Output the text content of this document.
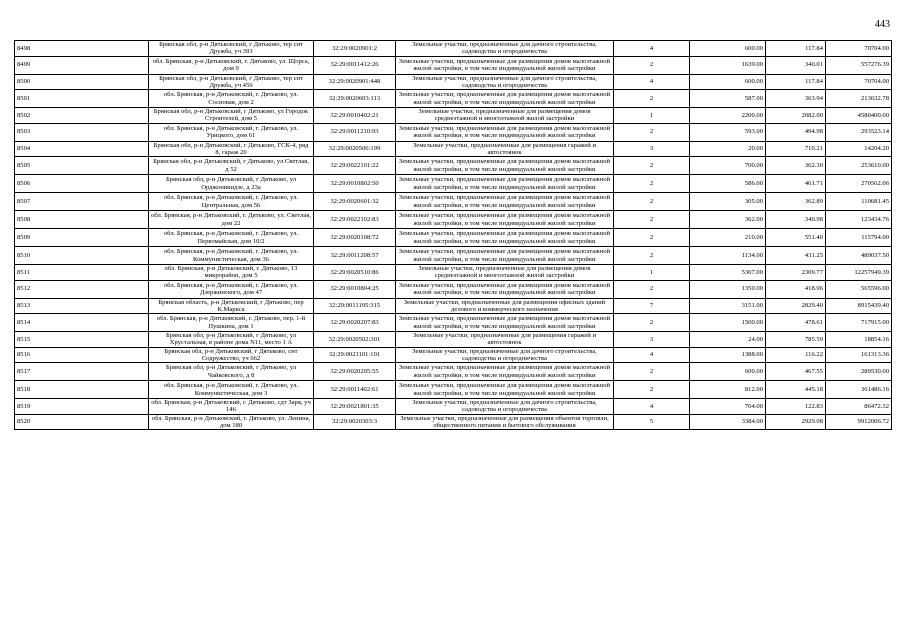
443
8498	Брянская обл, р-н Дятьковский, г Дятьково, тер снт Дружба, уч 393	32:29:0020901:2	Земельные участки, предназначенные для дачного строительства, садоводства и огородничества	4	600.00	117.84	70704.00
8499	обл. Брянская, р-н Дятьковский, г. Дятьково, ул. Щорса, дом 9	32:29:0011412:26	Земельные участки, предназначенные для размещения домов малоэтажной жилой застройки, в том числе индивидуальной жилой застройки	2	1639.00	340.01	557276.39
8500	Брянская обл, р-н Дятьковский, г Дятьково, тер снт Дружба, уч 459	32:29:0020901:448	Земельные участки, предназначенные для дачного строительства, садоводства и огородничества	4	600.00	117.84	70704.00
8501	обл. Брянская, р-н Дятьковский, г. Дятьково, ул. Сосновая, дом 2	32:29:0020603:113	Земельные участки, предназначенные для размещения домов малоэтажной жилой застройки, в том числе индивидуальной жилой застройки	2	587.00	363.94	213632.78
8502	Брянская обл, р-н Дятьковский, г Дятьково, ул Городок Строителей, дом 5	32:29:0010402:21	Земельные участки, предназначенные для размещения домов среднеэтажной и многоэтажной жилой застройки	1	2200.00	2082.00	4580400.00
8503	обл. Брянская, р-н Дятьковский, г. Дятьково, ул. Урицкого, дом 61	32:29:0011210:93	Земельные участки, предназначенные для размещения домов малоэтажной жилой застройки, в том числе индивидуальной жилой застройки	2	593.00	494.98	293523.14
8504	Брянская обл, р-н Дятьковский, г Дятьково, ГСК-4, ряд 8, гараж 20	32:29:0020506:199	Земельные участки, предназначенные для размещения гаражей и автостоянок	3	20.00	710.21	14204.20
8505	Брянская обл, р-н Дятьковский, г Дятьково, ул Светлая, д 52	32:29:0022101:22	Земельные участки, предназначенные для размещения домов малоэтажной жилой застройки, в том числе индивидуальной жилой застройки	2	700.00	362.30	253610.00
8506	Брянская обл, р-н Дятьковский, г Дятьково, ул Орджоникидзе, д 23а	32:29:0010802:50	Земельные участки, предназначенные для размещения домов малоэтажной жилой застройки, в том числе индивидуальной жилой застройки	2	586.00	461.71	270562.06
8507	обл. Брянская, р-н Дятьковский, г. Дятьково, ул. Центральная, дом 56	32:29:0020601:32	Земельные участки, предназначенные для размещения домов малоэтажной жилой застройки, в том числе индивидуальной жилой застройки	2	305.00	362.89	110681.45
8508	обл. Брянская, р-н Дятьковский, г. Дятьково, ул. Светлая, дом 22	32:29:0022102:83	Земельные участки, предназначенные для размещения домов малоэтажной жилой застройки, в том числе индивидуальной жилой застройки	2	362.00	340.98	123434.76
8509	обл. Брянская, р-н Дятьковский, г. Дятьково, ул. Первомайская, дом 10/2	32:29:0020108:72	Земельные участки, предназначенные для размещения домов малоэтажной жилой застройки, в том числе индивидуальной жилой застройки	2	210.00	551.40	115794.00
8510	обл. Брянская, р-н Дятьковский, г. Дятьково, ул. Коммунистическая, дом 36	32:29:0011208:57	Земельные участки, предназначенные для размещения домов малоэтажной жилой застройки, в том числе индивидуальной жилой застройки	2	1134.00	431.25	489037.50
8511	обл. Брянская, р-н Дятьковский, г. Дятьково, 13 микрорайон, дом 5	32:29:0020510:86	Земельные участки, предназначенные для размещения домов среднеэтажной и многоэтажной жилой застройки	1	5307.00	2309.77	12257949.39
8512	обл. Брянская, р-н Дятьковский, г. Дятьково, ул. Дзержинского, дом 47	32:29:0010804:25	Земельные участки, предназначенные для размещения домов малоэтажной жилой застройки, в том числе индивидуальной жилой застройки	2	1350.00	418.96	565596.00
8513	Брянская область, р-н Дятьковский, г Дятьково, пер К.Маркса	32:29:0011105:315	Земельные участки, предназначенные для размещения офисных зданий делового и коммерческого назначения	7	3151.00	2829.40	8915439.40
8514	обл. Брянская, р-н Дятьковский, г. Дятьково, пер. 1-й Пушкина, дом 1	32:29:0020207:83	Земельные участки, предназначенные для размещения домов малоэтажной жилой застройки, в том числе индивидуальной жилой застройки	2	1500.00	478.61	717915.00
8515	Брянская обл, р-н Дятьковский, г Дятьково, ул Хрустальная, в районе дома N11, место 1 А	32:29:0020502:301	Земельные участки, предназначенные для размещения гаражей и автостоянок	3	24.00	785.59	18854.16
8516	Брянская обл, р-н Дятьковский, г Дятьково, снт Содружество, уч 662	32:29:0021101:101	Земельные участки, предназначенные для дачного строительства, садоводства и огородничества	4	1388.00	116.22	161313.36
8517	Брянская обл, р-н Дятьковский, г Дятьково, ул Чайковского, д 8	32:29:0020205:55	Земельные участки, предназначенные для размещения домов малоэтажной жилой застройки, в том числе индивидуальной жилой застройки	2	600.00	467.55	280530.00
8518	обл. Брянская, р-н Дятьковский, г. Дятьково, ул. Коммунистическая, дом 3	32:29:0011402:61	Земельные участки, предназначенные для размещения домов малоэтажной жилой застройки, в том числе индивидуальной жилой застройки	2	812.00	445.18	361486.16
8519	обл. Брянская, р-н Дятьковский, г. Дятьково, сдт Заря, уч 146	32:29:0021801:35	Земельные участки, предназначенные для дачного строительства, садоводства и огородничества	4	704.00	122.83	86472.32
8520	обл. Брянская, р-н Дятьковский, г. Дятьково, ул. Ленина, дом 180	32:29:0020303:3	Земельные участки, предназначенные для размещения объектов торговли, общественного питания и бытового обслуживания	5	3384.00	2929.08	9912006.72
